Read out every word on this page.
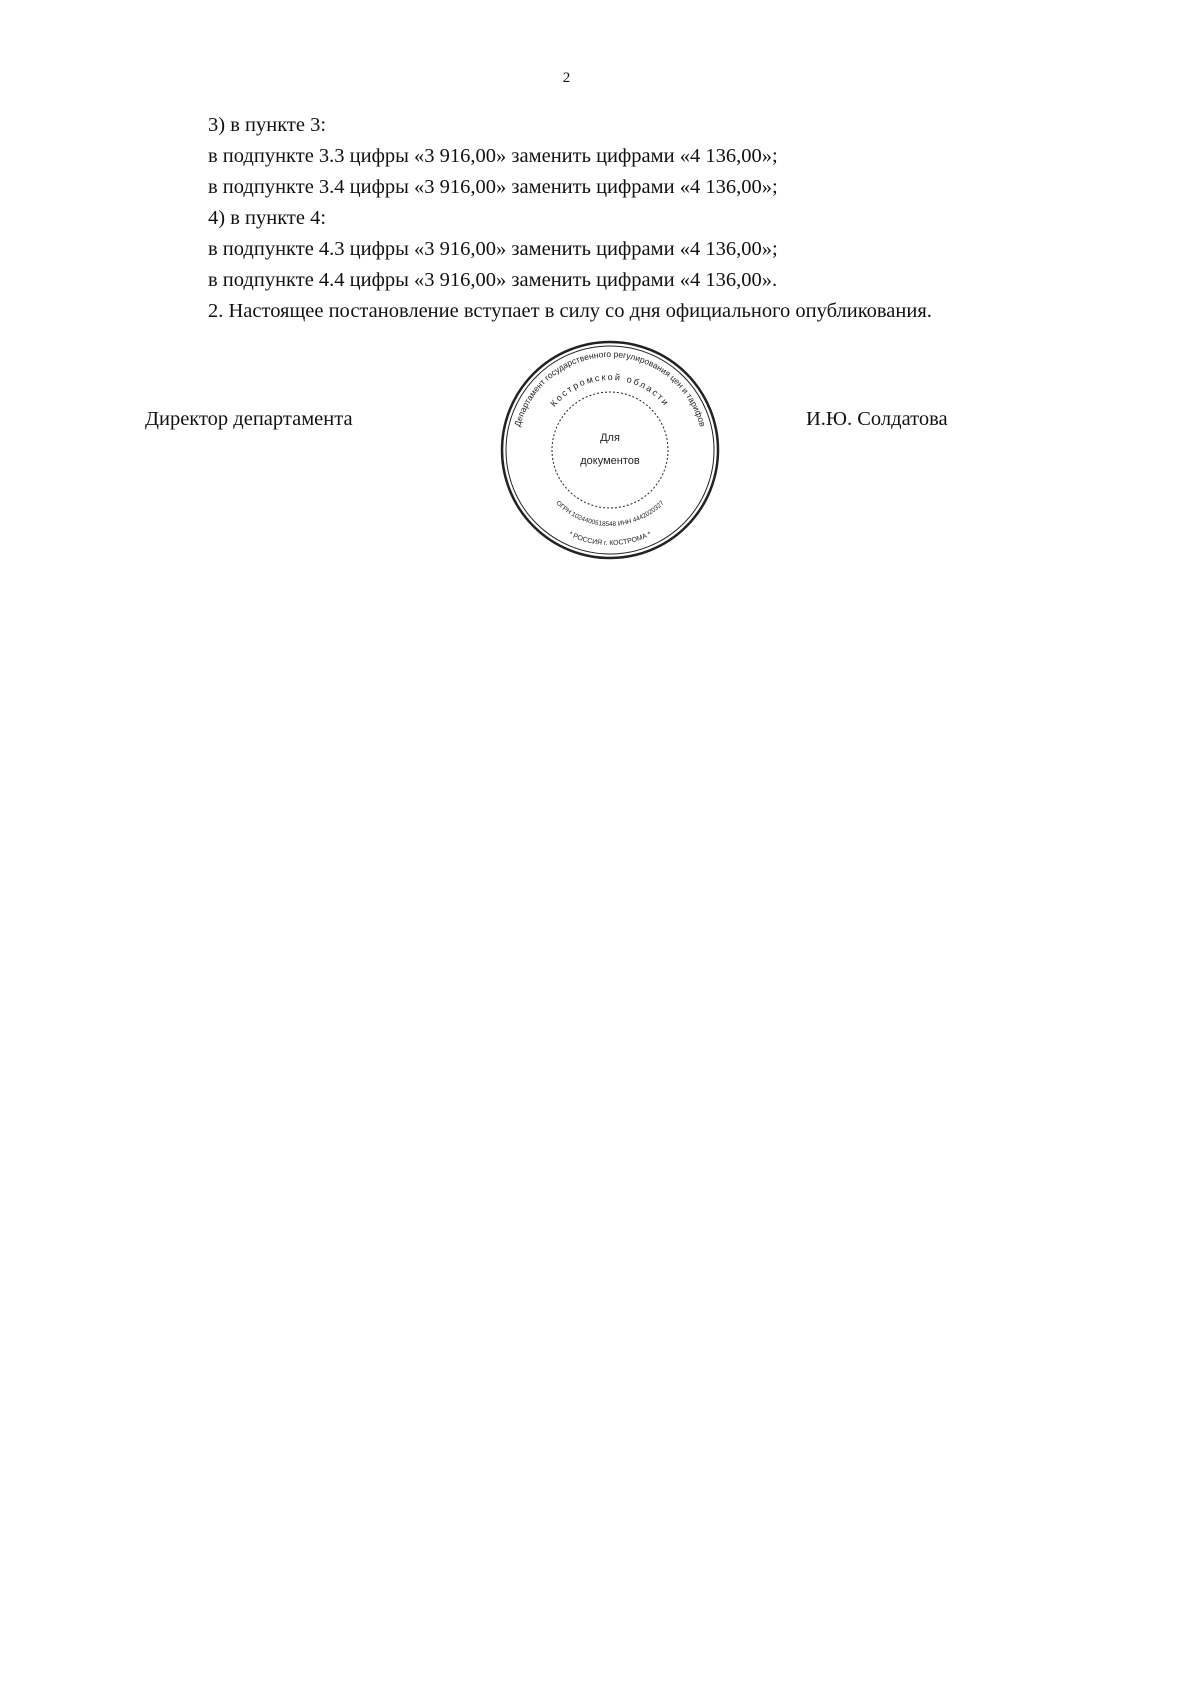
2

3) в пункте 3:

в подпункте 3.3 цифры «3 916,00» заменить цифрами «4 136,00»;

в подпункте 3.4 цифры «3 916,00» заменить цифрами «4 136,00»;

4) в пункте 4:

в подпункте 4.3 цифры «3 916,00» заменить цифрами «4 136,00»;

в подпункте 4.4 цифры «3 916,00» заменить цифрами «4 136,00».

2. Настоящее постановление вступает в силу со дня официального опубликования.

Директор департамента	И.Ю. Солдатова
Департамент государственного регулирования цен и тарифов
* РОССИЯ г. КОСТРОМА *
Костромской области
ОГРН 1024400518548 ИНН 4442020327
Для
документов
